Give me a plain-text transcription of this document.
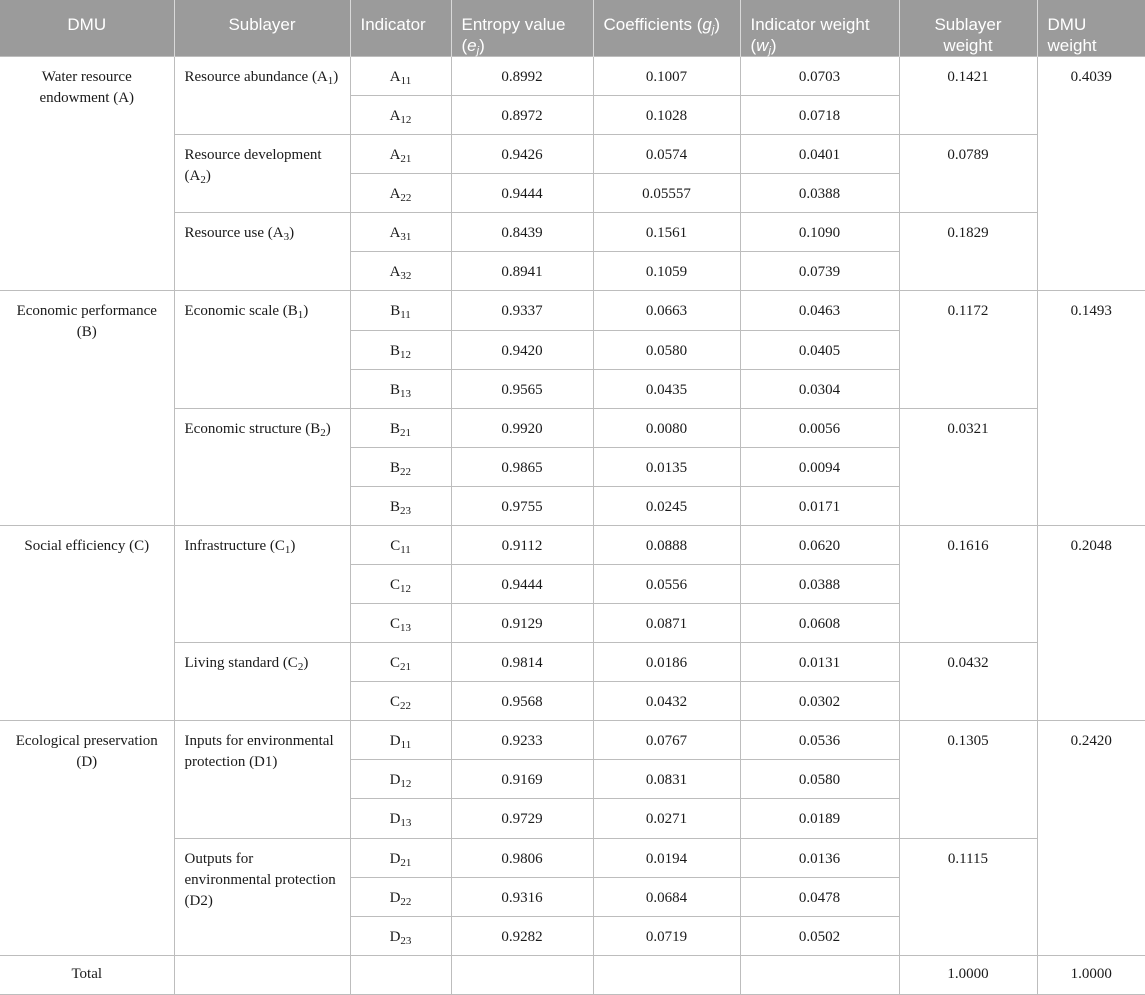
DMU	Sublayer	Indicator	Entropy value $(e_j)$	Coefficients $(g_j)$	Indicator weight $(w_j)$	Sublayer weight	DMU weight
Water resource endowment (A)	Resource abundance $(A_1)$	$A_{11}$	0.8992	0.1007	0.0703	0.1421	0.4039
		$A_{12}$	0.8972	0.1028	0.0718		
	Resource development $(A_2)$	$A_{21}$	0.9426	0.0574	0.0401	0.0789	
		$A_{22}$	0.9444	0.05557	0.0388		
	Resource use $(A_3)$	$A_{31}$	0.8439	0.1561	0.1090	0.1829	
		$A_{32}$	0.8941	0.1059	0.0739		
Economic performance (B)	Economic scale $(B_1)$	$B_{11}$	0.9337	0.0663	0.0463	0.1172	0.1493
		$B_{12}$	0.9420	0.0580	0.0405		
		$B_{13}$	0.9565	0.0435	0.0304		
	Economic structure $(B_2)$	$B_{21}$	0.9920	0.0080	0.0056	0.0321	
		$B_{22}$	0.9865	0.0135	0.0094		
		$B_{23}$	0.9755	0.0245	0.0171		
Social efficiency (C)	Infrastructure $(C_1)$	$C_{11}$	0.9112	0.0888	0.0620	0.1616	0.2048
		$C_{12}$	0.9444	0.0556	0.0388		
		$C_{13}$	0.9129	0.0871	0.0608		
	Living standard $(C_2)$	$C_{21}$	0.9814	0.0186	0.0131	0.0432	
		$C_{22}$	0.9568	0.0432	0.0302		
Ecological preservation (D)	Inputs for environmental protection (D1)	$D_{11}$	0.9233	0.0767	0.0536	0.1305	0.2420
		$D_{12}$	0.9169	0.0831	0.0580		
		$D_{13}$	0.9729	0.0271	0.0189		
	Outputs for environmental protection (D2)	$D_{21}$	0.9806	0.0194	0.0136	0.1115	
		$D_{22}$	0.9316	0.0684	0.0478		
		$D_{23}$	0.9282	0.0719	0.0502		
Total						1.0000	1.0000
